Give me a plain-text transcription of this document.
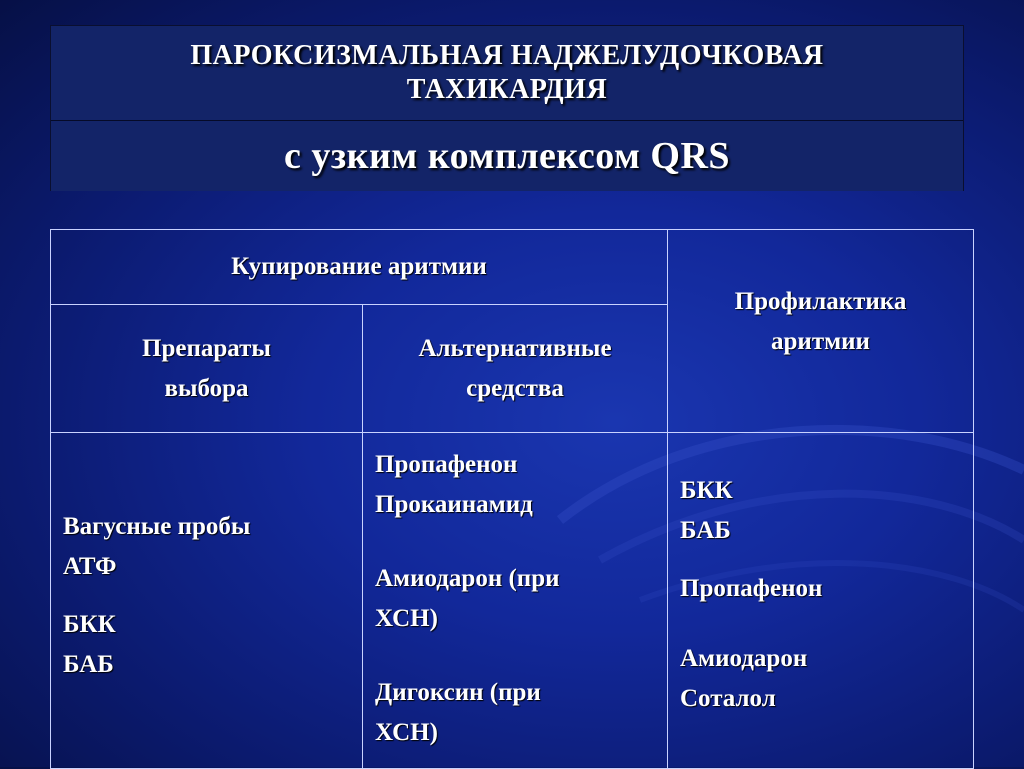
ПАРОКСИЗМАЛЬНАЯ НАДЖЕЛУДОЧКОВАЯ
ТАХИКАРДИЯ
с узким комплексом QRS
Купирование аритмии
Профилактика
аритмии
Препараты
выбора
Альтернативные
средства
Вагусные пробы
АТФ
БКК
БАБ
Пропафенон
Прокаинамид
Амиодарон (при
ХСН)
Дигоксин (при
ХСН)
БКК
БАБ
Пропафенон
Амиодарон
Соталол
